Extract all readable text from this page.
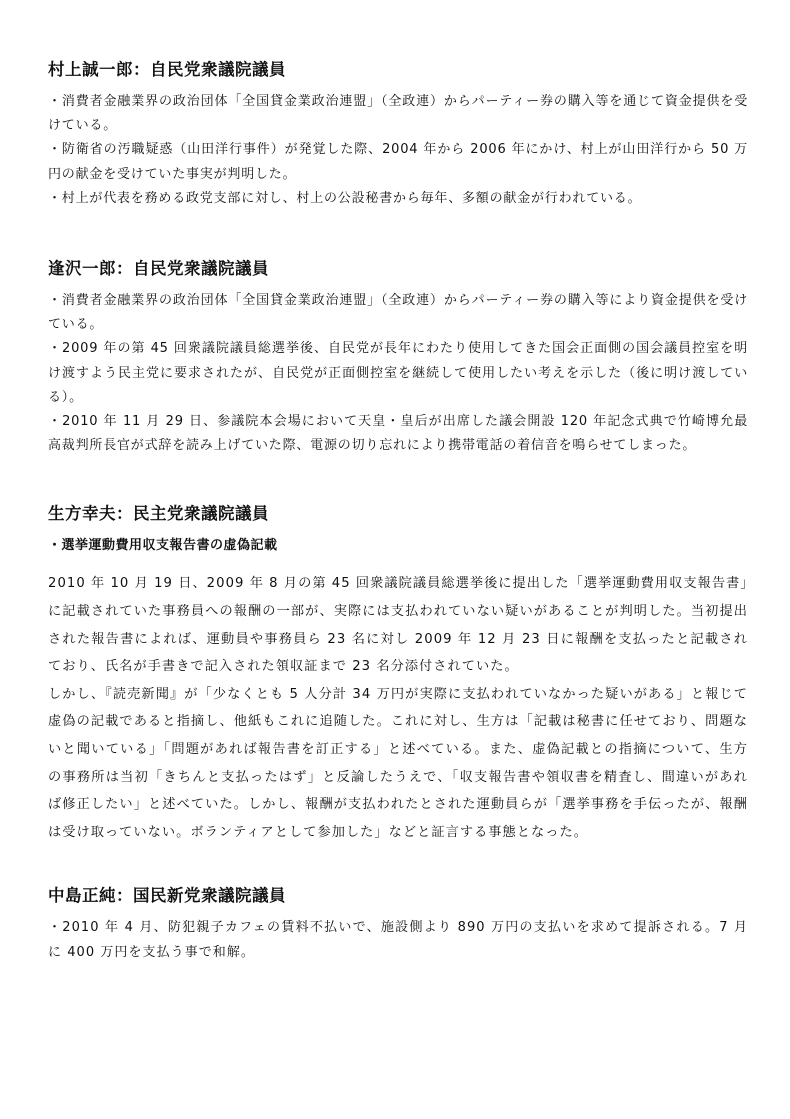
村上誠一郎：自民党衆議院議員

・消費者金融業界の政治団体「全国貸金業政治連盟」（全政連）からパーティー券の購入等を通じて資金提供を受けている。

・防衛省の汚職疑惑（山田洋行事件）が発覚した際、2004 年から 2006 年にかけ、村上が山田洋行から 50 万円の献金を受けていた事実が判明した。

・村上が代表を務める政党支部に対し、村上の公設秘書から毎年、多額の献金が行われている。

逢沢一郎：自民党衆議院議員

・消費者金融業界の政治団体「全国貸金業政治連盟」（全政連）からパーティー券の購入等により資金提供を受けている。

・2009 年の第 45 回衆議院議員総選挙後、自民党が長年にわたり使用してきた国会正面側の国会議員控室を明け渡すよう民主党に要求されたが、自民党が正面側控室を継続して使用したい考えを示した（後に明け渡している）。

・2010 年 11 月 29 日、参議院本会場において天皇・皇后が出席した議会開設 120 年記念式典で竹崎博允最高裁判所長官が式辞を読み上げていた際、電源の切り忘れにより携帯電話の着信音を鳴らせてしまった。

生方幸夫：民主党衆議院議員
・選挙運動費用収支報告書の虚偽記載

2010 年 10 月 19 日、2009 年 8 月の第 45 回衆議院議員総選挙後に提出した「選挙運動費用収支報告書」に記載されていた事務員への報酬の一部が、実際には支払われていない疑いがあることが判明した。当初提出された報告書によれば、運動員や事務員ら 23 名に対し 2009 年 12 月 23 日に報酬を支払ったと記載されており、氏名が手書きで記入された領収証まで 23 名分添付されていた。

しかし、『読売新聞』が「少なくとも 5 人分計 34 万円が実際に支払われていなかった疑いがある」と報じて虚偽の記載であると指摘し、他紙もこれに追随した。これに対し、生方は「記載は秘書に任せており、問題ないと聞いている」「問題があれば報告書を訂正する」と述べている。また、虚偽記載との指摘について、生方の事務所は当初「きちんと支払ったはず」と反論したうえで、「収支報告書や領収書を精査し、間違いがあれば修正したい」と述べていた。しかし、報酬が支払われたとされた運動員らが「選挙事務を手伝ったが、報酬は受け取っていない。ボランティアとして参加した」などと証言する事態となった。

中島正純：国民新党衆議院議員

・2010 年 4 月、防犯親子カフェの賃料不払いで、施設側より 890 万円の支払いを求めて提訴される。7 月に 400 万円を支払う事で和解。
